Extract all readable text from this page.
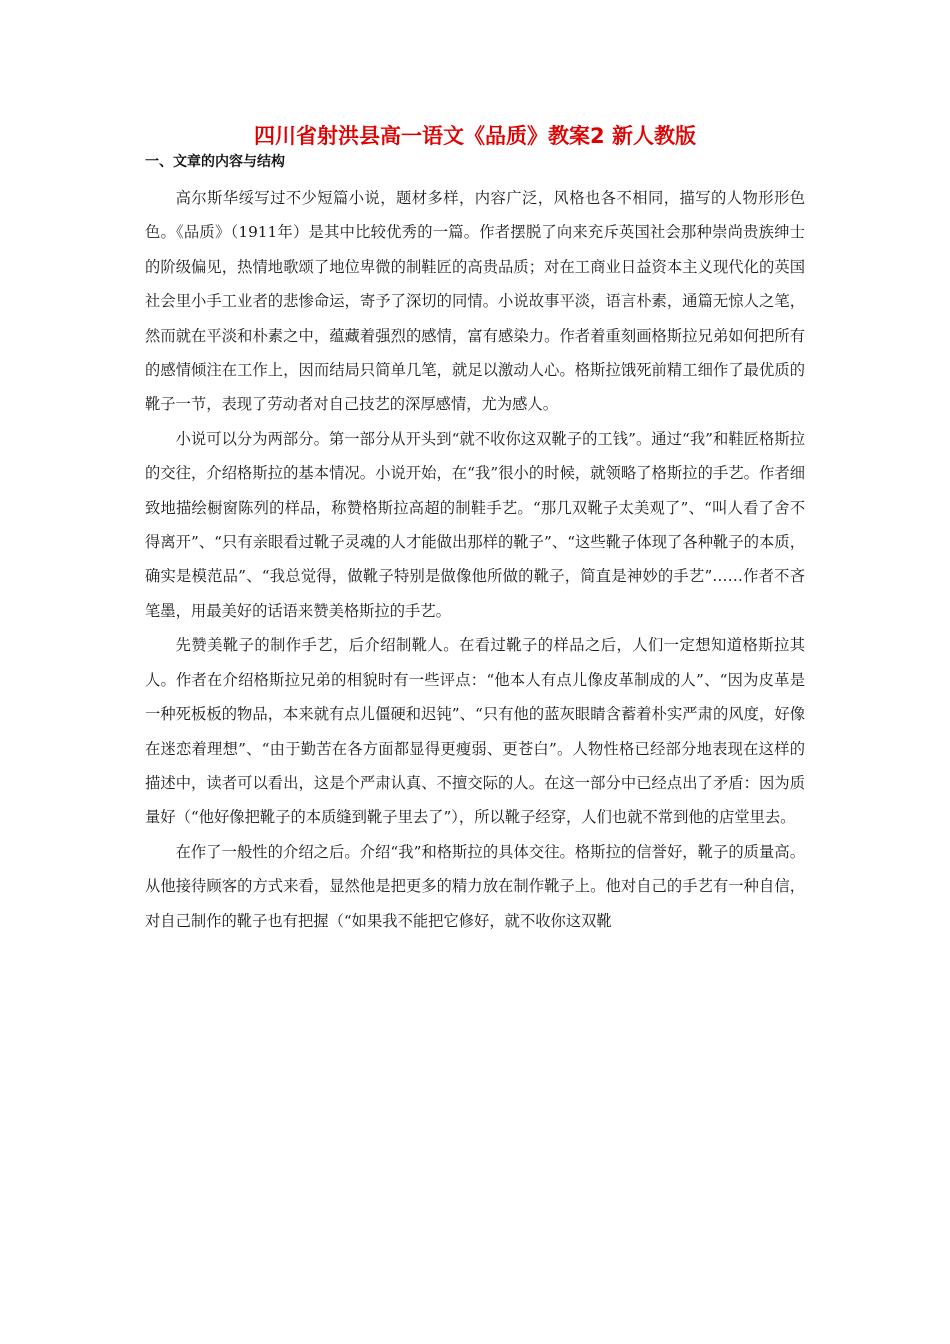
四川省射洪县高一语文《品质》教案2 新人教版
一、文章的内容与结构

高尔斯华绥写过不少短篇小说，题材多样，内容广泛，风格也各不相同，描写的人物形形色色。《品质》（1911年）是其中比较优秀的一篇。作者摆脱了向来充斥英国社会那种崇尚贵族绅士的阶级偏见，热情地歌颂了地位卑微的制鞋匠的高贵品质；对在工商业日益资本主义现代化的英国社会里小手工业者的悲惨命运，寄予了深切的同情。小说故事平淡，语言朴素，通篇无惊人之笔，然而就在平淡和朴素之中，蕴藏着强烈的感情，富有感染力。作者着重刻画格斯拉兄弟如何把所有的感情倾注在工作上，因而结局只简单几笔，就足以激动人心。格斯拉饿死前精工细作了最优质的靴子一节，表现了劳动者对自己技艺的深厚感情，尤为感人。

小说可以分为两部分。第一部分从开头到“就不收你这双靴子的工钱”。通过“我”和鞋匠格斯拉的交往，介绍格斯拉的基本情况。小说开始，在“我”很小的时候，就领略了格斯拉的手艺。作者细致地描绘橱窗陈列的样品，称赞格斯拉高超的制鞋手艺。“那几双靴子太美观了”、“叫人看了舍不得离开”、“只有亲眼看过靴子灵魂的人才能做出那样的靴子”、“这些靴子体现了各种靴子的本质，确实是模范品”、“我总觉得，做靴子特别是做像他所做的靴子，简直是神妙的手艺”……作者不吝笔墨，用最美好的话语来赞美格斯拉的手艺。

先赞美靴子的制作手艺，后介绍制靴人。在看过靴子的样品之后，人们一定想知道格斯拉其人。作者在介绍格斯拉兄弟的相貌时有一些评点：“他本人有点儿像皮革制成的人”、“因为皮革是一种死板板的物品，本来就有点儿僵硬和迟钝”、“只有他的蓝灰眼睛含蓄着朴实严肃的风度，好像在迷恋着理想”、“由于勤苦在各方面都显得更瘦弱、更苍白”。人物性格已经部分地表现在这样的描述中，读者可以看出，这是个严肃认真、不擅交际的人。在这一部分中已经点出了矛盾：因为质量好（“他好像把靴子的本质缝到靴子里去了”），所以靴子经穿，人们也就不常到他的店堂里去。

在作了一般性的介绍之后。介绍“我”和格斯拉的具体交往。格斯拉的信誉好，靴子的质量高。从他接待顾客的方式来看，显然他是把更多的精力放在制作靴子上。他对自己的手艺有一种自信，对自己制作的靴子也有把握（“如果我不能把它修好，就不收你这双靴
